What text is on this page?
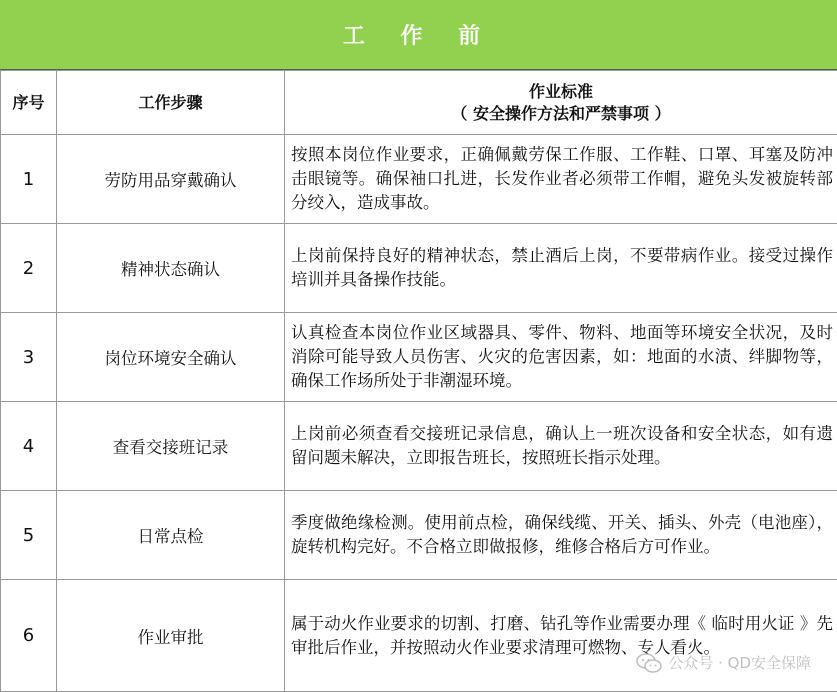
工 作 前
序号	工作步骤	作业标准
（ 安全操作方法和严禁事项 ）

1	劳防用品穿戴确认	按照本岗位作业要求，正确佩戴劳保工作服、工作鞋、口罩、耳塞及防冲击眼镜等。确保袖口扎进，长发作业者必须带工作帽，避免头发被旋转部分绞入，造成事故。
2	精神状态确认	上岗前保持良好的精神状态，禁止酒后上岗，不要带病作业。接受过操作培训并具备操作技能。
3	岗位环境安全确认	认真检查本岗位作业区域器具、零件、物料、地面等环境安全状况，及时消除可能导致人员伤害、火灾的危害因素，如：地面的水渍、绊脚物等，确保工作场所处于非潮湿环境。
4	查看交接班记录	上岗前必须查看交接班记录信息，确认上一班次设备和安全状态，如有遗留问题未解决，立即报告班长，按照班长指示处理。
5	日常点检	季度做绝缘检测。使用前点检，确保线缆、开关、插头、外壳（电池座），旋转机构完好。不合格立即做报修，维修合格后方可作业。
6	作业审批	属于动火作业要求的切割、打磨、钻孔等作业需要办理《 临时用火证 》先审批后作业，并按照动火作业要求清理可燃物、专人看火。
公众号 · QD安全保障
